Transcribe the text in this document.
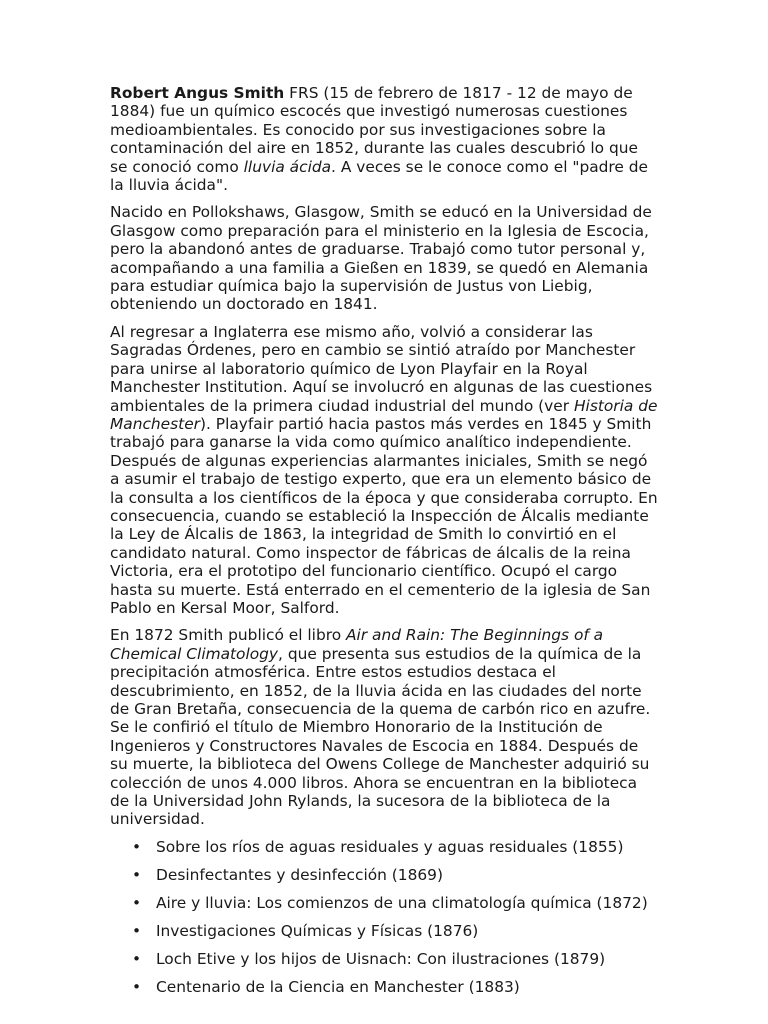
Robert Angus Smith FRS (15 de febrero de 1817 - 12 de mayo de 1884) fue un químico escocés que investigó numerosas cuestiones medioambientales. Es conocido por sus investigaciones sobre la contaminación del aire en 1852, durante las cuales descubrió lo que se conoció como lluvia ácida. A veces se le conoce como el "padre de la lluvia ácida".

Nacido en Pollokshaws, Glasgow, Smith se educó en la Universidad de Glasgow como preparación para el ministerio en la Iglesia de Escocia, pero la abandonó antes de graduarse. Trabajó como tutor personal y, acompañando a una familia a Gießen en 1839, se quedó en Alemania para estudiar química bajo la supervisión de Justus von Liebig, obteniendo un doctorado en 1841.

Al regresar a Inglaterra ese mismo año, volvió a considerar las Sagradas Órdenes, pero en cambio se sintió atraído por Manchester para unirse al laboratorio químico de Lyon Playfair en la Royal Manchester Institution. Aquí se involucró en algunas de las cuestiones ambientales de la primera ciudad industrial del mundo (ver Historia de Manchester). Playfair partió hacia pastos más verdes en 1845 y Smith trabajó para ganarse la vida como químico analítico independiente. Después de algunas experiencias alarmantes iniciales, Smith se negó a asumir el trabajo de testigo experto, que era un elemento básico de la consulta a los científicos de la época y que consideraba corrupto. En consecuencia, cuando se estableció la Inspección de Álcalis mediante la Ley de Álcalis de 1863, la integridad de Smith lo convirtió en el candidato natural. Como inspector de fábricas de álcalis de la reina Victoria, era el prototipo del funcionario científico. Ocupó el cargo hasta su muerte. Está enterrado en el cementerio de la iglesia de San Pablo en Kersal Moor, Salford.

En 1872 Smith publicó el libro Air and Rain: The Beginnings of a Chemical Climatology, que presenta sus estudios de la química de la precipitación atmosférica. Entre estos estudios destaca el descubrimiento, en 1852, de la lluvia ácida en las ciudades del norte de Gran Bretaña, consecuencia de la quema de carbón rico en azufre. Se le confirió el título de Miembro Honorario de la Institución de Ingenieros y Constructores Navales de Escocia en 1884. Después de su muerte, la biblioteca del Owens College de Manchester adquirió su colección de unos 4.000 libros. Ahora se encuentran en la biblioteca de la Universidad John Rylands, la sucesora de la biblioteca de la universidad.

• Sobre los ríos de aguas residuales y aguas residuales (1855)
• Desinfectantes y desinfección (1869)
• Aire y lluvia: Los comienzos de una climatología química (1872)
• Investigaciones Químicas y Físicas (1876)
• Loch Etive y los hijos de Uisnach: Con ilustraciones (1879)
• Centenario de la Ciencia en Manchester (1883)
